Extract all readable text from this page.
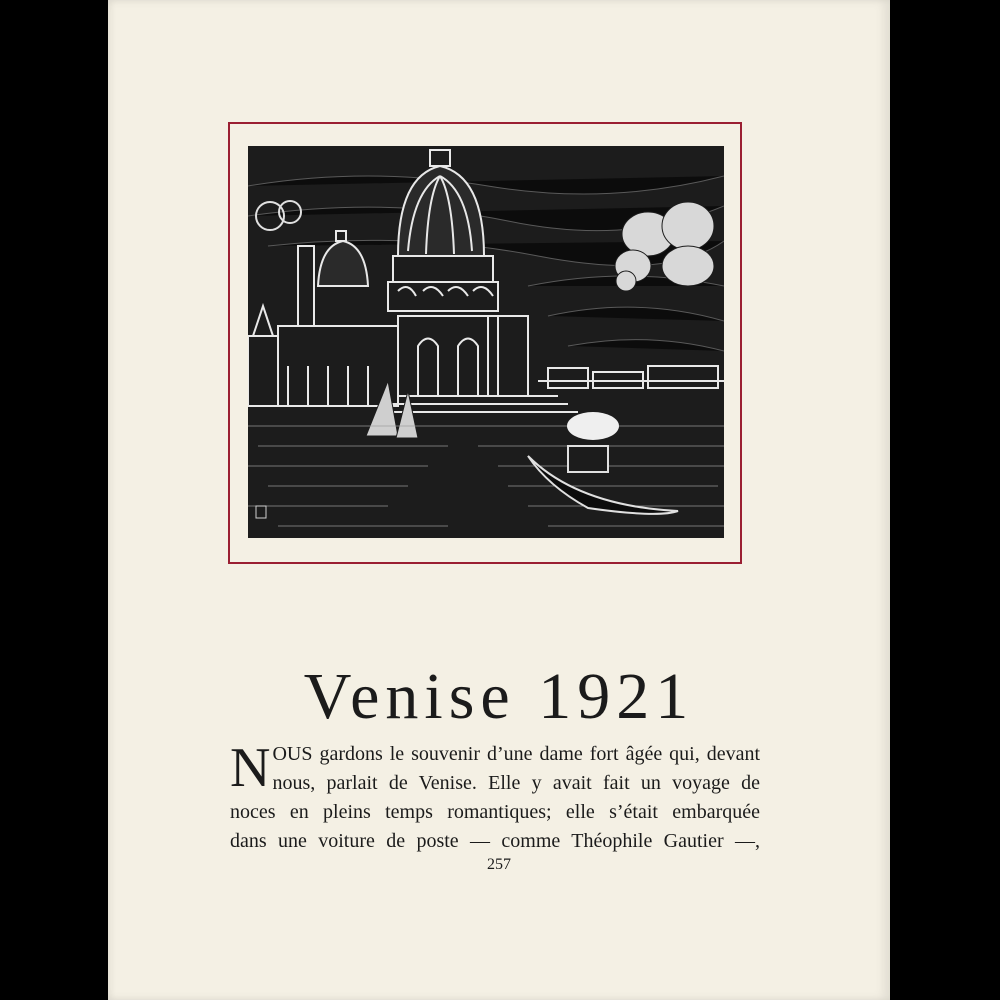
Venise 1921
NOUS gardons le souvenir d’une dame fort âgée qui, devant
nous, parlait de Venise. Elle y avait fait un voyage de
noces en pleins temps romantiques; elle s’était embarquée
dans une voiture de poste — comme Théophile Gautier —,
257
